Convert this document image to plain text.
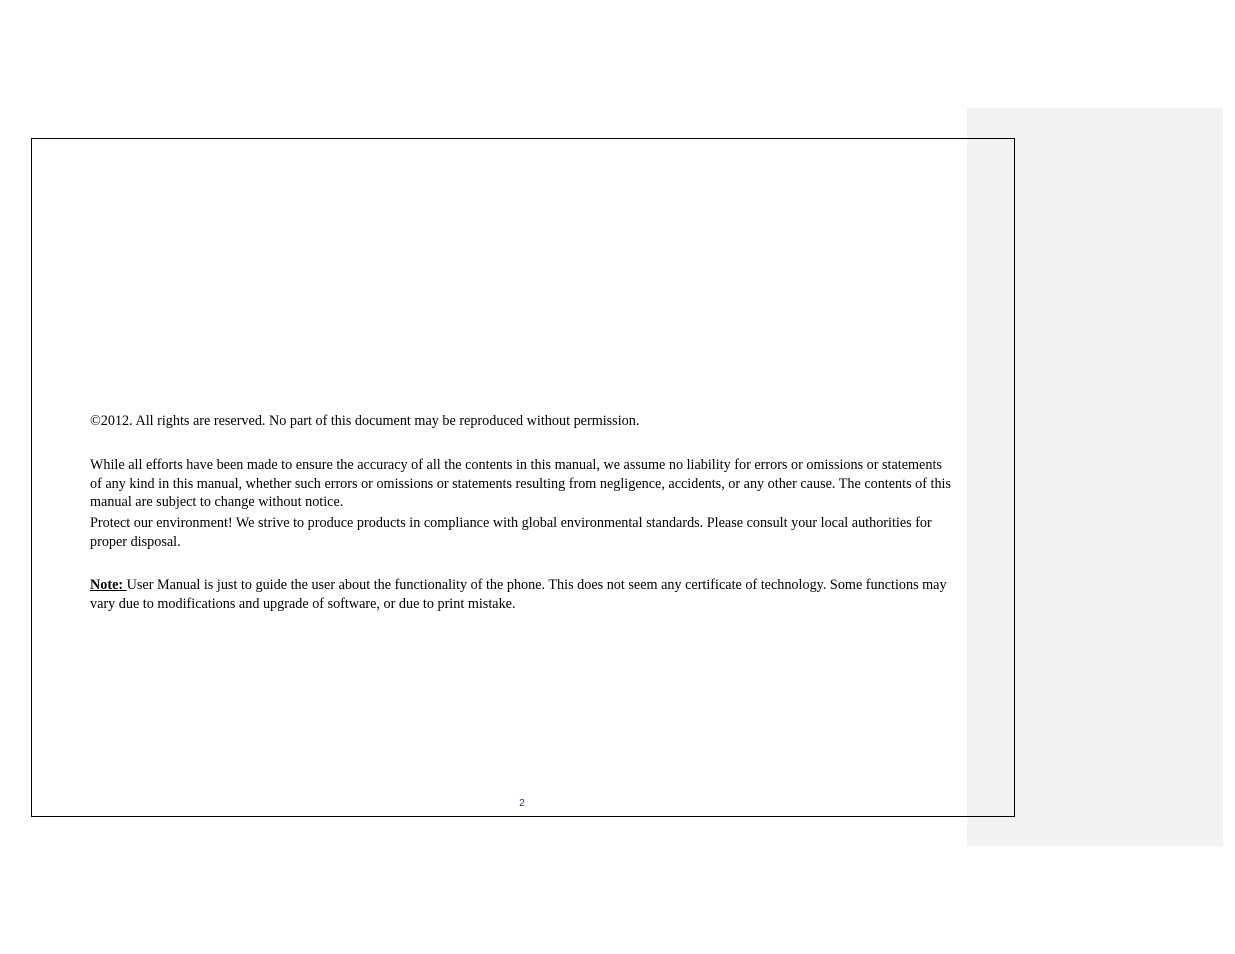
©2012. All rights are reserved. No part of this document may be reproduced without permission.

While all efforts have been made to ensure the accuracy of all the contents in this manual, we assume no liability for errors or omissions or statements of any kind in this manual, whether such errors or omissions or statements resulting from negligence, accidents, or any other cause. The contents of this manual are subject to change without notice.

Protect our environment! We strive to produce products in compliance with global environmental standards. Please consult your local authorities for proper disposal.

Note: User Manual is just to guide the user about the functionality of the phone. This does not seem any certificate of technology. Some functions may vary due to modifications and upgrade of software, or due to print mistake.

2
